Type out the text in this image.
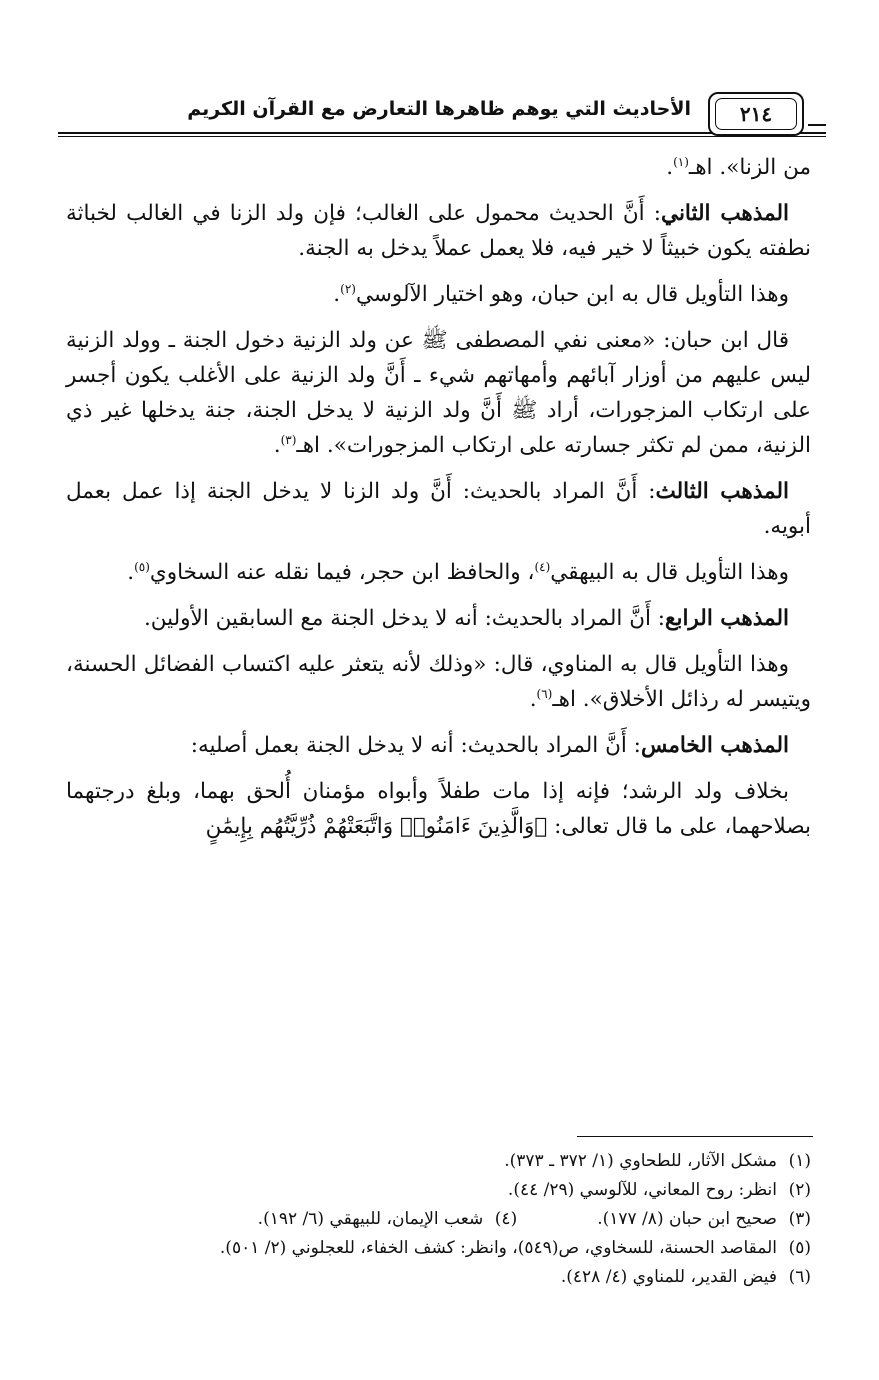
٢١٤
الأحاديث التي يوهم ظاهرها التعارض مع القرآن الكريم

من الزنا». اهـ$^{(١)}$.

المذهب الثاني: أَنَّ الحديث محمول على الغالب؛ فإن ولد الزنا في الغالب لخباثة نطفته يكون خبيثاً لا خير فيه، فلا يعمل عملاً يدخل به الجنة.

وهذا التأويل قال به ابن حبان، وهو اختيار الآلوسي$^{(٢)}$.

قال ابن حبان: «معنى نفي المصطفى ﷺ عن ولد الزنية دخول الجنة ـ وولد الزنية ليس عليهم من أوزار آبائهم وأمهاتهم شيء ـ أَنَّ ولد الزنية على الأغلب يكون أجسر على ارتكاب المزجورات، أراد ﷺ أَنَّ ولد الزنية لا يدخل الجنة، جنة يدخلها غير ذي الزنية، ممن لم تكثر جسارته على ارتكاب المزجورات». اهـ$^{(٣)}$.

المذهب الثالث: أَنَّ المراد بالحديث: أَنَّ ولد الزنا لا يدخل الجنة إذا عمل بعمل أبويه.

وهذا التأويل قال به البيهقي$^{(٤)}$، والحافظ ابن حجر، فيما نقله عنه السخاوي$^{(٥)}$.

المذهب الرابع: أَنَّ المراد بالحديث: أنه لا يدخل الجنة مع السابقين الأولين.

وهذا التأويل قال به المناوي، قال: «وذلك لأنه يتعثر عليه اكتساب الفضائل الحسنة، ويتيسر له رذائل الأخلاق». اهـ$^{(٦)}$.

المذهب الخامس: أَنَّ المراد بالحديث: أنه لا يدخل الجنة بعمل أصليه:

بخلاف ولد الرشد؛ فإنه إذا مات طفلاً وأبواه مؤمنان أُلحق بهما، وبلغ درجتهما بصلاحهما، على ما قال تعالى: ﴿وَالَّذِينَ ءَامَنُوا۟ وَاتَّبَعَتْهُمْ ذُرِّيَّتُهُم بِإِيمَٰنٍ

(١)مشكل الآثار، للطحاوي (١/ ٣٧٢ ـ ٣٧٣).
(٢)انظر: روح المعاني، للآلوسي (٢٩/ ٤٤).
(٣)صحيح ابن حبان (٨/ ١٧٧).(٤)شعب الإيمان، للبيهقي (٦/ ١٩٢).
(٥)المقاصد الحسنة، للسخاوي، ص(٥٤٩)، وانظر: كشف الخفاء، للعجلوني (٢/ ٥٠١).
(٦)فيض القدير، للمناوي (٤/ ٤٢٨).
